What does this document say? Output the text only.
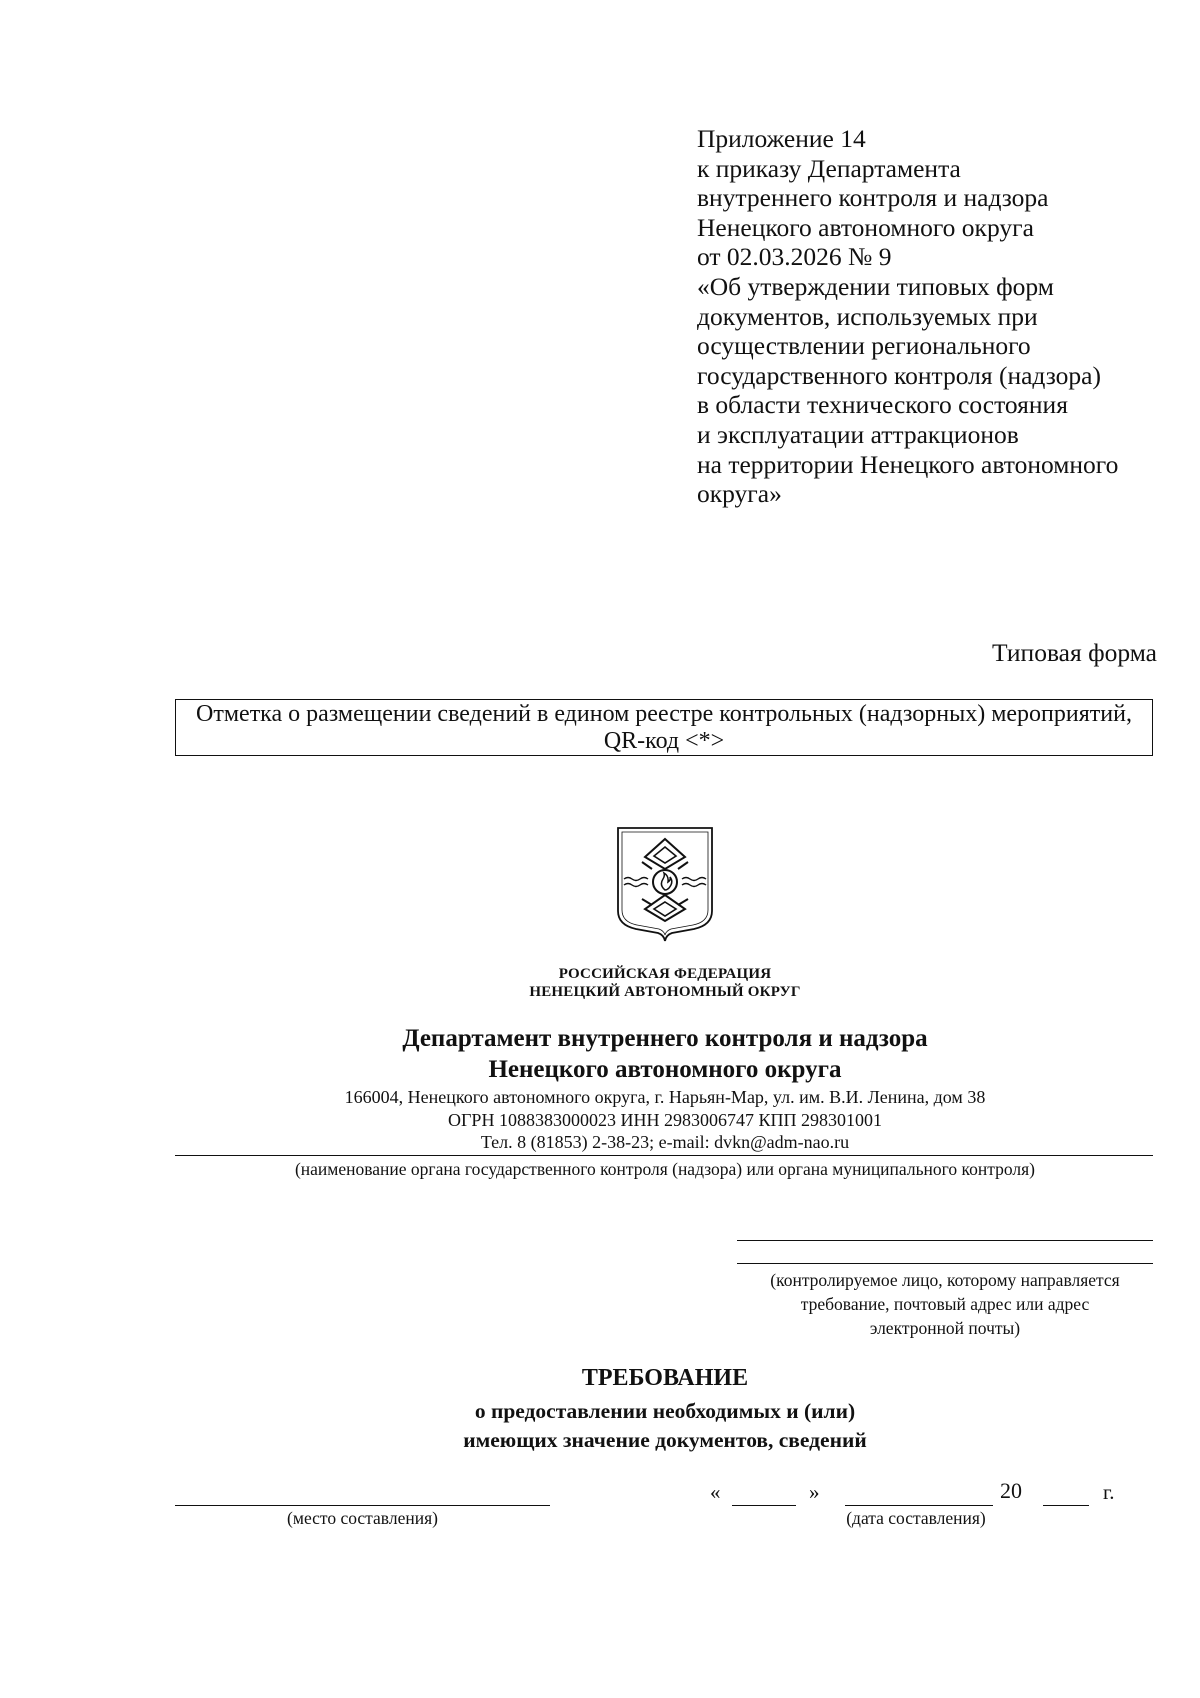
Приложение 14
к приказу Департамента
внутреннего контроля и надзора
Ненецкого автономного округа
от 02.03.2026 № 9
«Об утверждении типовых форм
документов, используемых при
осуществлении регионального
государственного контроля (надзора)
в области технического состояния
и эксплуатации аттракционов
на территории Ненецкого автономного
округа»
Типовая форма
Отметка о размещении сведений в едином реестре контрольных (надзорных) мероприятий,
QR-код <*>
РОССИЙСКАЯ ФЕДЕРАЦИЯ
НЕНЕЦКИЙ АВТОНОМНЫЙ ОКРУГ
Департамент внутреннего контроля и надзора
Ненецкого автономного округа
166004, Ненецкого автономного округа, г. Нарьян-Мар, ул. им. В.И. Ленина, дом 38
ОГРН 1088383000023 ИНН 2983006747 КПП 298301001
Тел. 8 (81853) 2-38-23; e-mail: dvkn@adm-nao.ru
(наименование органа государственного контроля (надзора) или органа муниципального контроля)
(контролируемое лицо, которому направляется
требование, почтовый адрес или адрес
электронной почты)
ТРЕБОВАНИЕ
о предоставлении необходимых и (или)
имеющих значение документов, сведений
(место составления)
«	»	20	г.
(дата составления)
